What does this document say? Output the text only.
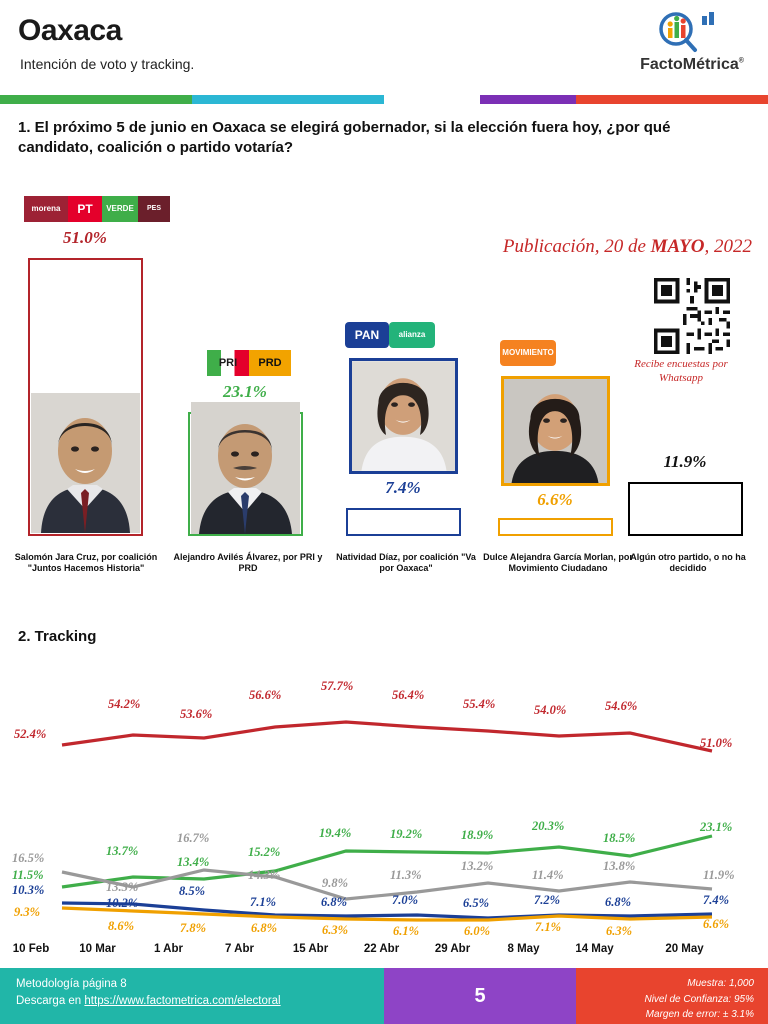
Oaxaca
Intención de voto y tracking.	FactoMétrica®
1. El próximo 5 de junio en Oaxaca se elegirá gobernador, si la elección fuera hoy, ¿por qué candidato, coalición o partido votaría?
Publicación, 20 de MAYO, 2022
Recibe encuestas por Whatsapp
morena	PT	VERDE	PES
51.0%
Salomón Jara Cruz, por coalición "Juntos Hacemos Historia"
PRI	PRD
23.1%
Alejandro Avilés Álvarez, por PRI y PRD
PAN	alianza
7.4%
Natividad Díaz, por coalición "Va por Oaxaca"
MOVIMIENTO
6.6%
Dulce Alejandra García Morlan, por Movimiento Ciudadano
11.9%
Algún otro partido, o no ha decidido
2. Tracking
52.4%
54.2%
53.6%
56.6%
57.7%
56.4%
55.4%	54.0%	54.6%
51.0%
11.5%
13.7%
13.4%
15.2%
19.4%	19.2%	18.9%
20.3%
18.5%
23.1%
16.5%
13.3%
16.7%
14.3%
9.8%
11.3%
13.2%
11.4%
13.8%
11.9%
10.3%
10.2%
8.5%
7.1%	6.8%	7.0%	6.5%	7.2%	6.8%	7.4%
9.3%
8.6%	7.8%	6.8%	6.3%	6.1%	6.0%	7.1%	6.3%	6.6%
10 Feb	10 Mar	1 Abr	7 Abr	15 Abr	22 Abr	29 Abr	8 May	14 May	20 May
Metodología página 8
Descarga en https://www.factometrica.com/electoral	5
Muestra: 1,000
Nivel de Confianza: 95%
Margen de error: ± 3.1%
